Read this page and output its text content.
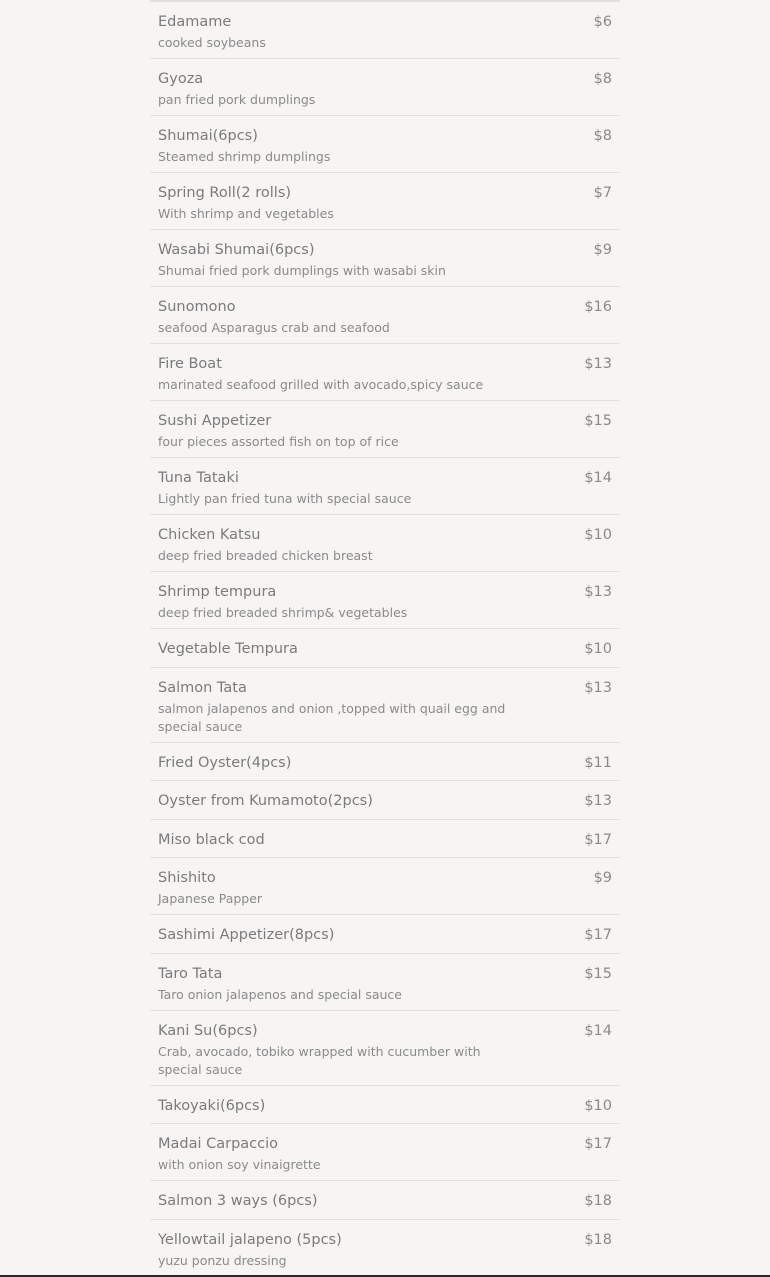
Edamame
cooked soybeans
$6
Gyoza
pan fried pork dumplings
$8
Shumai(6pcs)
Steamed shrimp dumplings
$8
Spring Roll(2 rolls)
With shrimp and vegetables
$7
Wasabi Shumai(6pcs)
Shumai fried pork dumplings with wasabi skin
$9
Sunomono
seafood Asparagus crab and seafood
$16
Fire Boat
marinated seafood grilled with avocado,spicy sauce
$13
Sushi Appetizer
four pieces assorted fish on top of rice
$15
Tuna Tataki
Lightly pan fried tuna with special sauce
$14
Chicken Katsu
deep fried breaded chicken breast
$10
Shrimp tempura
deep fried breaded shrimp& vegetables
$13
Vegetable Tempura	$10
Salmon Tata
salmon jalapenos and onion ,topped with quail egg and special sauce
$13
Fried Oyster(4pcs)	$11
Oyster from Kumamoto(2pcs)	$13
Miso black cod	$17
Shishito
Japanese Papper
$9
Sashimi Appetizer(8pcs)	$17
Taro Tata
Taro onion jalapenos and special sauce
$15
Kani Su(6pcs)
Crab, avocado, tobiko wrapped with cucumber with special sauce
$14
Takoyaki(6pcs)	$10
Madai Carpaccio
with onion soy vinaigrette
$17
Salmon 3 ways (6pcs)	$18
Yellowtail jalapeno (5pcs)
yuzu ponzu dressing
$18
